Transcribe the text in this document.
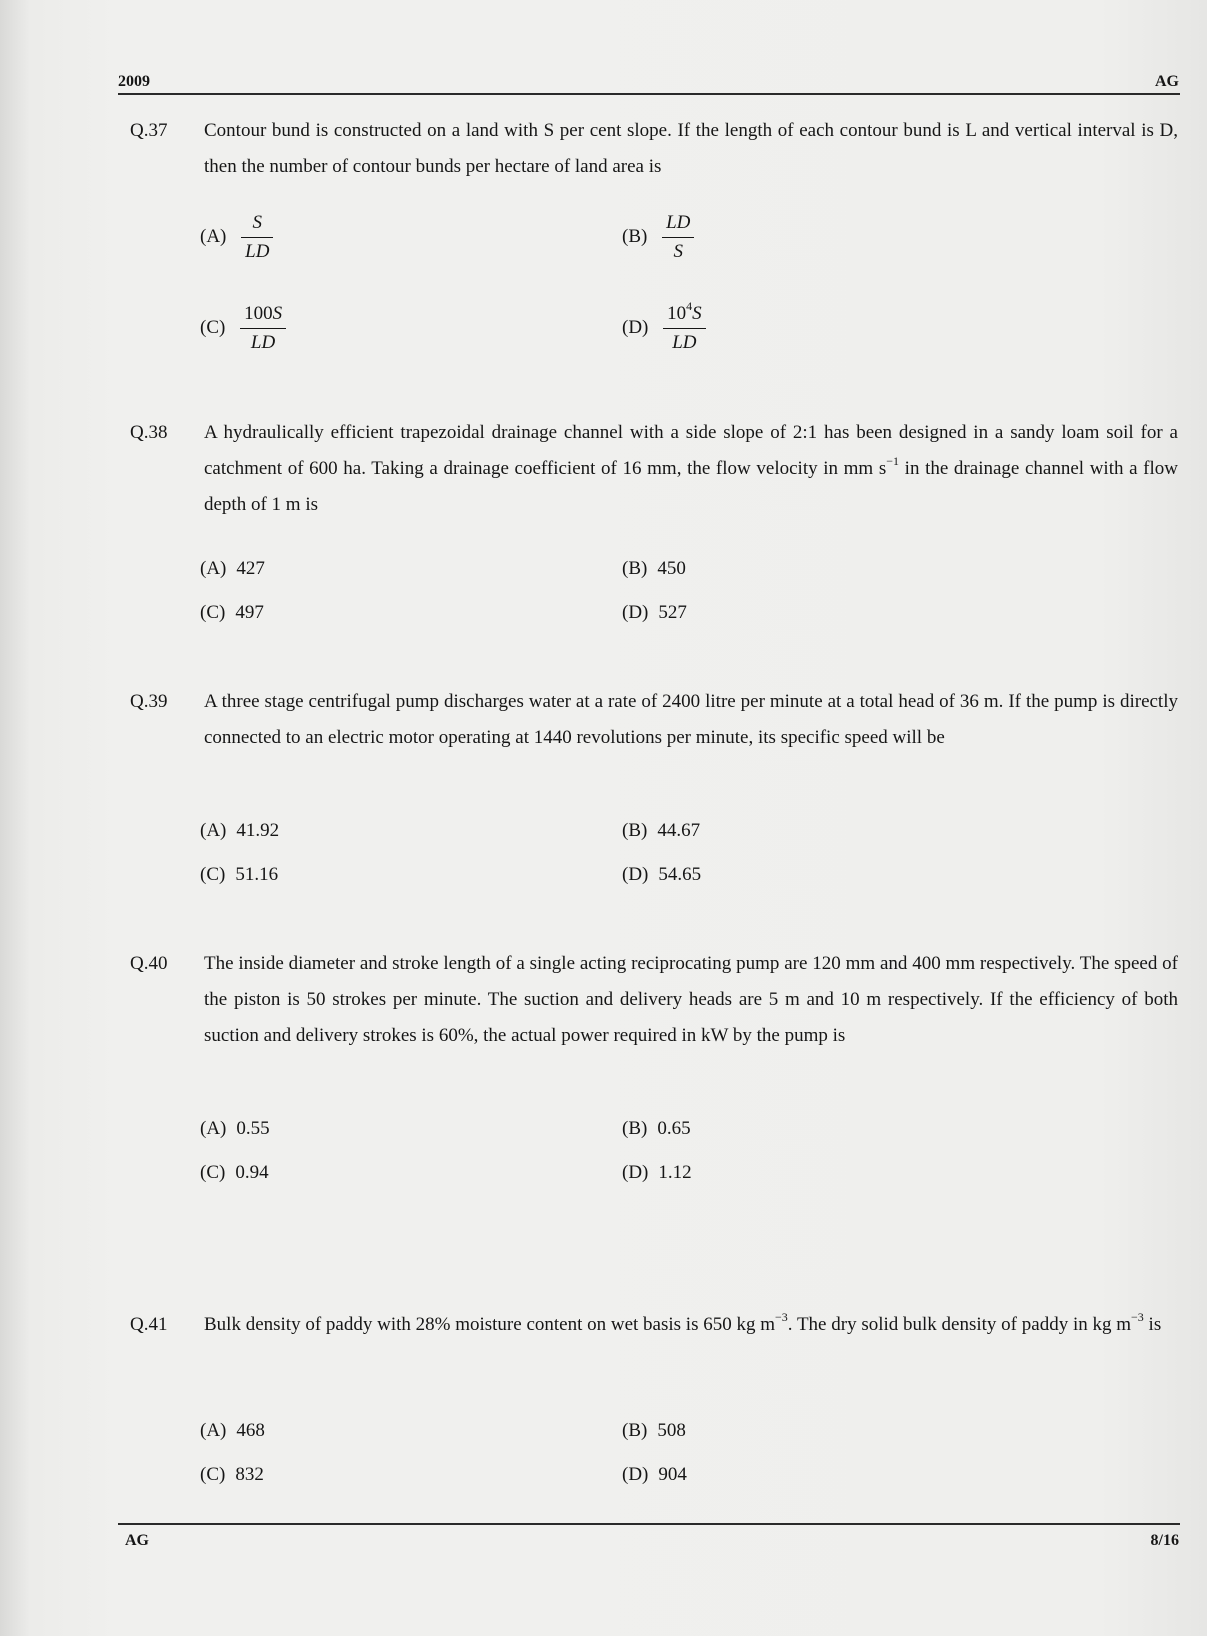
2009	AG
Q.37 Contour bund is constructed on a land with S per cent slope. If the length of each contour bund is L and vertical interval is D, then the number of contour bunds per hectare of land area is
$(A) \frac{S}{LD}$	$(B) \frac{LD}{S}$
$(C) \frac{100S}{LD}$	$(D) \frac{10^4S}{LD}$
Q.38 A hydraulically efficient trapezoidal drainage channel with a side slope of 2:1 has been designed in a sandy loam soil for a catchment of 600 ha. Taking a drainage coefficient of 16 mm, the flow velocity in mm $s^{-1}$ in the drainage channel with a flow depth of 1 m is
(A) 427	(B) 450
(C) 497	(D) 527
Q.39 A three stage centrifugal pump discharges water at a rate of 2400 litre per minute at a total head of 36 m. If the pump is directly connected to an electric motor operating at 1440 revolutions per minute, its specific speed will be
(A) 41.92	(B) 44.67
(C) 51.16	(D) 54.65
Q.40 The inside diameter and stroke length of a single acting reciprocating pump are 120 mm and 400 mm respectively. The speed of the piston is 50 strokes per minute. The suction and delivery heads are 5 m and 10 m respectively. If the efficiency of both suction and delivery strokes is 60%, the actual power required in kW by the pump is
(A) 0.55	(B) 0.65
(C) 0.94	(D) 1.12
Q.41 Bulk density of paddy with 28% moisture content on wet basis is 650 kg $m^{-3}$. The dry solid bulk density of paddy in kg $m^{-3}$ is
(A) 468	(B) 508
(C) 832	(D) 904
AG	8/16
